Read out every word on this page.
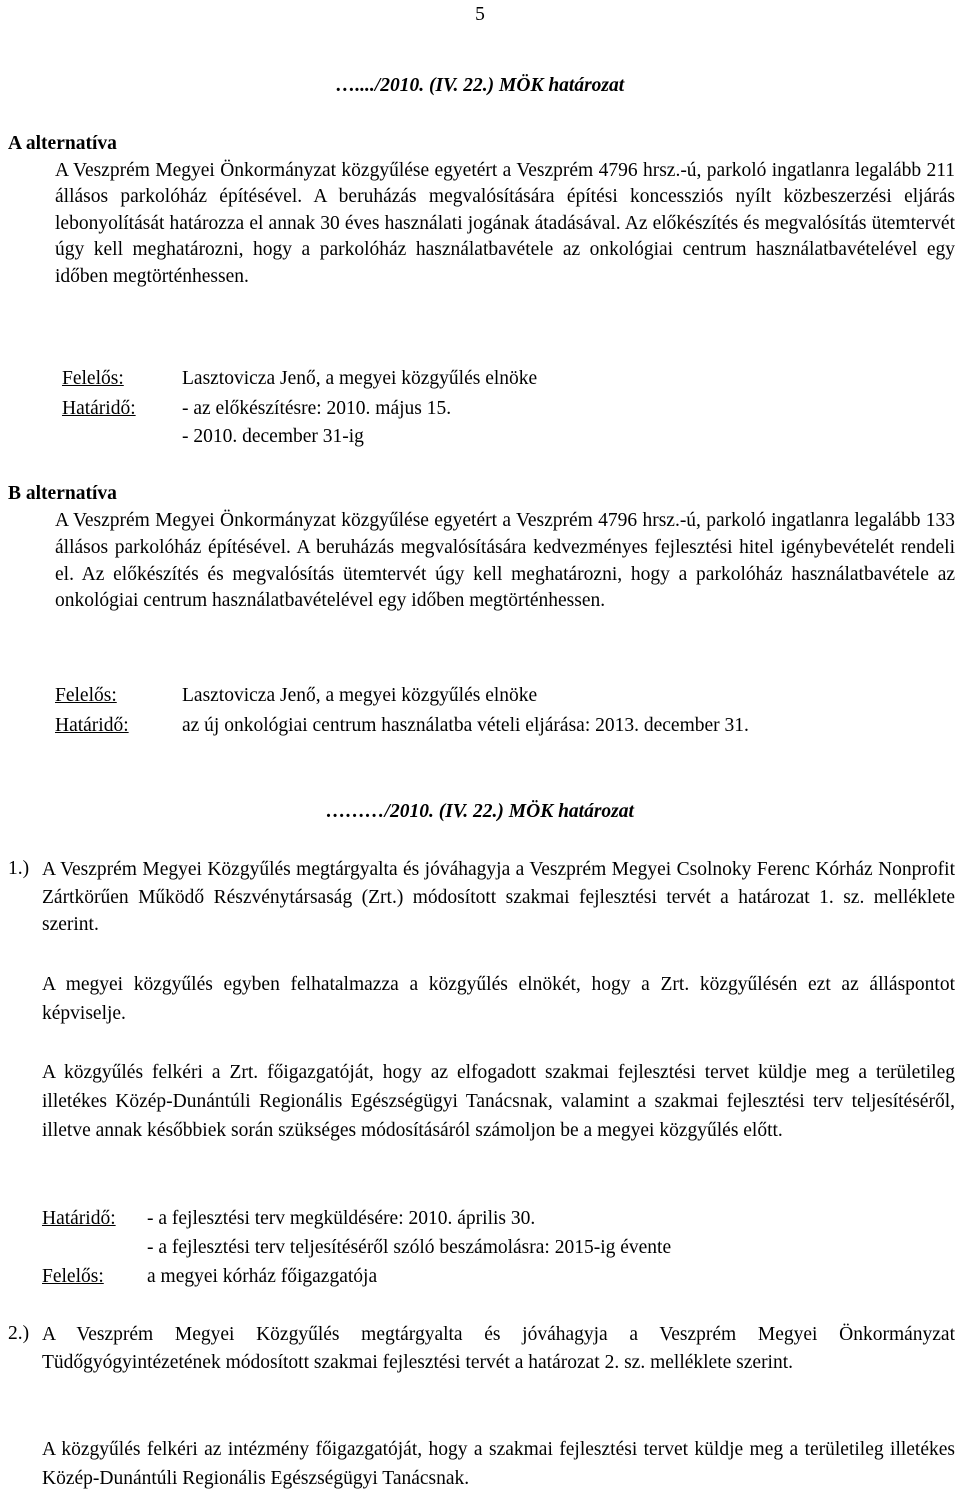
5
…..../2010. (IV. 22.) MÖK határozat
A alternatíva
A Veszprém Megyei Önkormányzat közgyűlése egyetért a Veszprém 4796 hrsz.-ú, parkoló ingatlanra legalább 211 állásos parkolóház építésével. A beruházás megvalósítására építési koncessziós nyílt közbeszerzési eljárás lebonyolítását határozza el annak 30 éves használati jogának átadásával. Az előkészítés és megvalósítás ütemtervét úgy kell meghatározni, hogy a parkolóház használatbavétele az onkológiai centrum használatbavételével egy időben megtörténhessen.
Felelős:	Lasztovicza Jenő, a megyei közgyűlés elnöke
Határidő: - az előkészítésre: 2010. május 15.
- 2010. december 31-ig
B alternatíva
A Veszprém Megyei Önkormányzat közgyűlése egyetért a Veszprém 4796 hrsz.-ú, parkoló ingatlanra legalább 133 állásos parkolóház építésével. A beruházás megvalósítására kedvezményes fejlesztési hitel igénybevételét rendeli el. Az előkészítés és megvalósítás ütemtervét úgy kell meghatározni, hogy a parkolóház használatbavétele az onkológiai centrum használatbavételével egy időben megtörténhessen.
Felelős:	Lasztovicza Jenő, a megyei közgyűlés elnöke
Határidő:	az új onkológiai centrum használatba vételi eljárása: 2013. december 31.
………/2010. (IV. 22.) MÖK határozat
1.) A Veszprém Megyei Közgyűlés megtárgyalta és jóváhagyja a Veszprém Megyei Csolnoky Ferenc Kórház Nonprofit Zártkörűen Működő Részvénytársaság (Zrt.) módosított szakmai fejlesztési tervét a határozat 1. sz. melléklete szerint.
A megyei közgyűlés egyben felhatalmazza a közgyűlés elnökét, hogy a Zrt. közgyűlésén ezt az álláspontot képviselje.
A közgyűlés felkéri a Zrt. főigazgatóját, hogy az elfogadott szakmai fejlesztési tervet küldje meg a területileg illetékes Közép-Dunántúli Regionális Egészségügyi Tanácsnak, valamint a szakmai fejlesztési terv teljesítéséről, illetve annak későbbiek során szükséges módosításáról számoljon be a megyei közgyűlés előtt.
Határidő: - a fejlesztési terv megküldésére: 2010. április 30.
- a fejlesztési terv teljesítéséről szóló beszámolásra: 2015-ig évente
Felelős: a megyei kórház főigazgatója
2.) A Veszprém Megyei Közgyűlés megtárgyalta és jóváhagyja a Veszprém Megyei Önkormányzat Tüdőgyógyintézetének módosított szakmai fejlesztési tervét a határozat 2. sz. melléklete szerint.
A közgyűlés felkéri az intézmény főigazgatóját, hogy a szakmai fejlesztési tervet küldje meg a területileg illetékes Közép-Dunántúli Regionális Egészségügyi Tanácsnak.
